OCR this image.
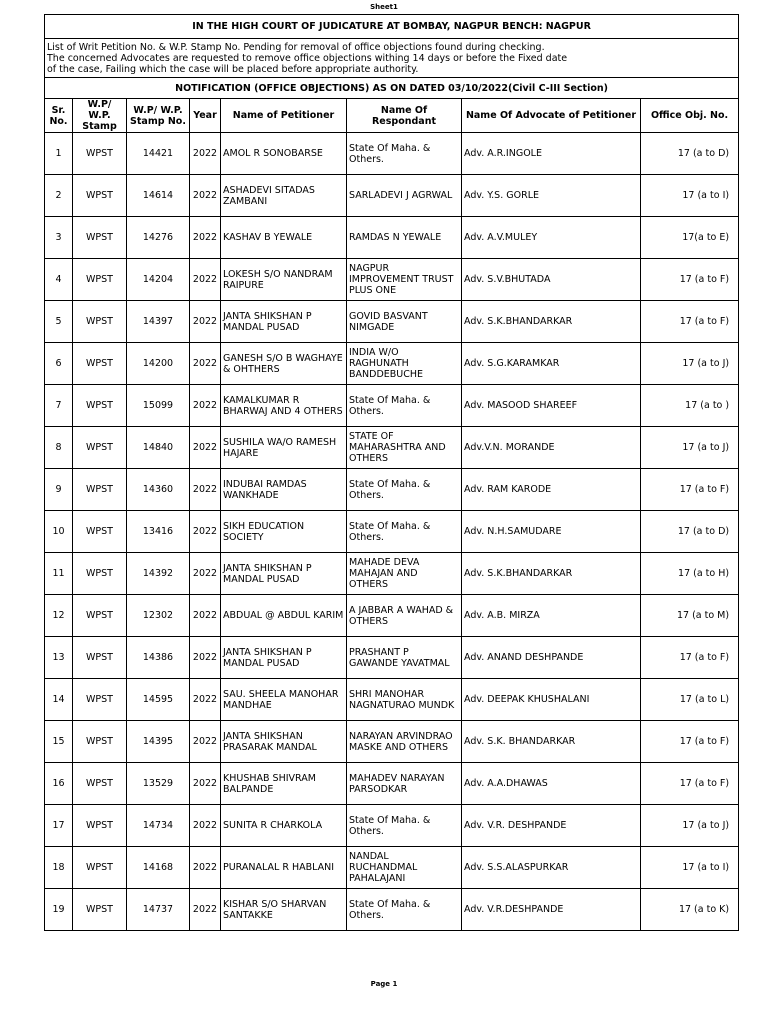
Sheet1
IN THE HIGH COURT OF JUDICATURE AT BOMBAY, NAGPUR BENCH: NAGPUR							

List of Writ Petition No. & W.P. Stamp No. Pending for removal of office objections found during checking.
The concerned Advocates are requested to remove office objections withing 14 days or before the Fixed date
of the case, Failing which the case will be placed before appropriate authority.							

NOTIFICATION (OFFICE OBJECTIONS) AS ON DATED 03/10/2022(Civil C-III Section)							
Sr. No.	W.P/ W.P. Stamp	W.P/ W.P. Stamp No.	Year	Name of Petitioner	Name Of Respondant	Name Of Advocate of Petitioner	Office Obj. No.
1	WPST	14421	2022	AMOL R SONOBARSE	State Of Maha. & Others.	Adv. A.R.INGOLE	17 (a to D)
2	WPST	14614	2022	ASHADEVI SITADAS ZAMBANI	SARLADEVI J AGRWAL	Adv. Y.S. GORLE	17 (a to I)
3	WPST	14276	2022	KASHAV B YEWALE	RAMDAS N YEWALE	Adv. A.V.MULEY	17(a to E)
4	WPST	14204	2022	LOKESH S/O NANDRAM RAIPURE	NAGPUR IMPROVEMENT TRUST PLUS ONE	Adv. S.V.BHUTADA	17 (a to F)
5	WPST	14397	2022	JANTA SHIKSHAN P MANDAL PUSAD	GOVID BASVANT NIMGADE	Adv. S.K.BHANDARKAR	17 (a to F)
6	WPST	14200	2022	GANESH S/O B WAGHAYE & OHTHERS	INDIA W/O RAGHUNATH BANDDEBUCHE	Adv. S.G.KARAMKAR	17 (a to J)
7	WPST	15099	2022	KAMALKUMAR R BHARWAJ AND 4 OTHERS	State Of Maha. & Others.	Adv. MASOOD SHAREEF	17 (a to )
8	WPST	14840	2022	SUSHILA WA/O RAMESH HAJARE	STATE OF MAHARASHTRA AND OTHERS	Adv.V.N. MORANDE	17 (a to J)
9	WPST	14360	2022	INDUBAI RAMDAS WANKHADE	State Of Maha. & Others.	Adv. RAM KARODE	17 (a to F)
10	WPST	13416	2022	SIKH EDUCATION SOCIETY	State Of Maha. & Others.	Adv. N.H.SAMUDARE	17 (a to D)
11	WPST	14392	2022	JANTA SHIKSHAN P MANDAL PUSAD	MAHADE DEVA MAHAJAN AND OTHERS	Adv. S.K.BHANDARKAR	17 (a to H)
12	WPST	12302	2022	ABDUAL @ ABDUL KARIM	A JABBAR A WAHAD & OTHERS	Adv. A.B. MIRZA	17 (a to M)
13	WPST	14386	2022	JANTA SHIKSHAN P MANDAL PUSAD	PRASHANT P GAWANDE YAVATMAL	Adv. ANAND DESHPANDE	17 (a to F)
14	WPST	14595	2022	SAU. SHEELA MANOHAR MANDHAE	SHRI MANOHAR NAGNATURAO MUNDK	Adv. DEEPAK KHUSHALANI	17 (a to L)
15	WPST	14395	2022	JANTA SHIKSHAN PRASARAK MANDAL	NARAYAN ARVINDRAO MASKE AND OTHERS	Adv. S.K. BHANDARKAR	17 (a to F)
16	WPST	13529	2022	KHUSHAB SHIVRAM BALPANDE	MAHADEV NARAYAN PARSODKAR	Adv. A.A.DHAWAS	17 (a to F)
17	WPST	14734	2022	SUNITA R CHARKOLA	State Of Maha. & Others.	Adv. V.R. DESHPANDE	17 (a to J)
18	WPST	14168	2022	PURANALAL R HABLANI	NANDAL RUCHANDMAL PAHALAJANI	Adv. S.S.ALASPURKAR	17 (a to I)
19	WPST	14737	2022	KISHAR S/O SHARVAN SANTAKKE	State Of Maha. & Others.	Adv. V.R.DESHPANDE	17 (a to K)
Page 1
